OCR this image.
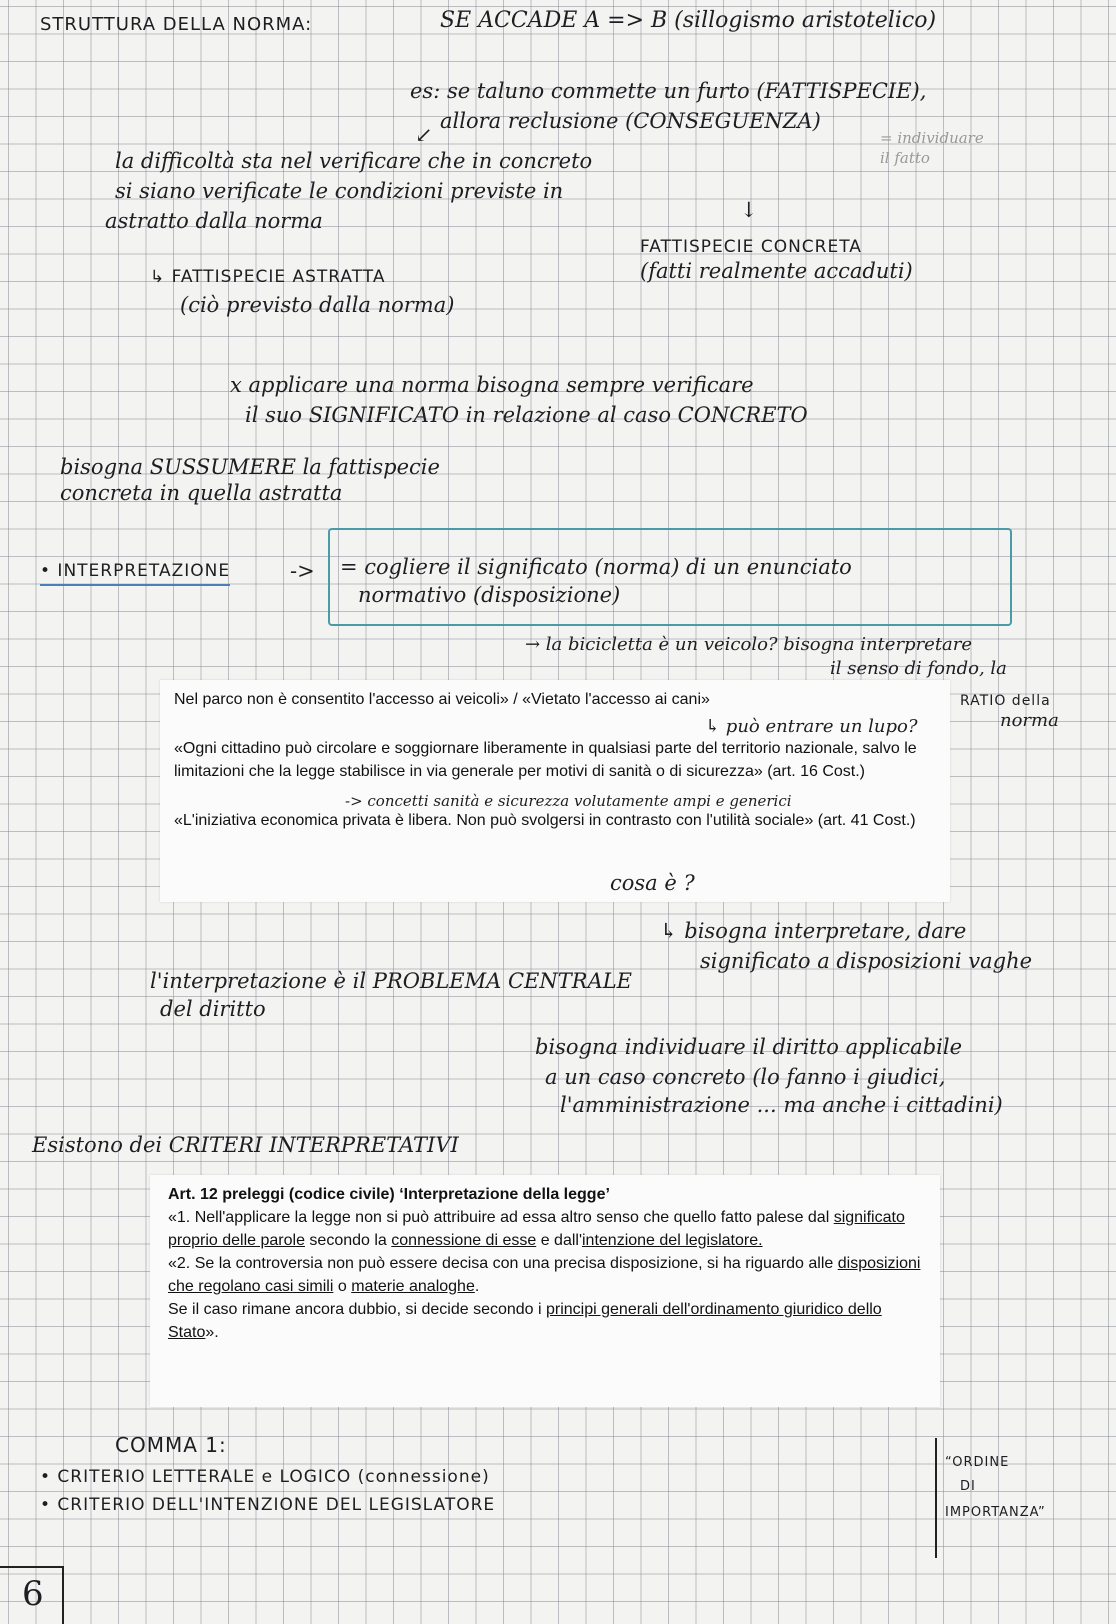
STRUTTURA DELLA NORMA:	SE ACCADE A => B (sillogismo aristotelico)
es: se taluno commette un furto (FATTISPECIE),
allora reclusione (CONSEGUENZA)
= individuare il fatto
↙
la difficoltà sta nel verificare che in concreto
si siano verificate le condizioni previste in
astratto dalla norma	↓
FATTISPECIE CONCRETA
(fatti realmente accaduti)
↳ FATTISPECIE ASTRATTA
(ciò previsto dalla norma)
x applicare una norma bisogna sempre verificare
il suo SIGNIFICATO in relazione al caso CONCRETO
bisogna SUSSUMERE la fattispecie
concreta in quella astratta
• INTERPRETAZIONE	-> = cogliere il significato (norma) di un enunciato
normativo (disposizione)
→ la bicicletta è un veicolo? bisogna interpretare
il senso di fondo, la
RATIO della
norma

Nel parco non è consentito l'accesso ai veicoli» / «Vietato l'accesso ai cani»

«Ogni cittadino può circolare e soggiornare liberamente in qualsiasi parte del territorio nazionale, salvo le limitazioni che la legge stabilisce in via generale per motivi di sanità o di sicurezza» (art. 16 Cost.)

«L'iniziativa economica privata è libera. Non può svolgersi in contrasto con l'utilità sociale» (art. 41 Cost.)

↳ può entrare un lupo?
-> concetti sanità e sicurezza volutamente ampi e generici
cosa è ?
↳ bisogna interpretare, dare
significato a disposizioni vaghe
l'interpretazione è il PROBLEMA CENTRALE
del diritto
bisogna individuare il diritto applicabile
a un caso concreto (lo fanno i giudici,
l'amministrazione ... ma anche i cittadini)
Esistono dei CRITERI INTERPRETATIVI

Art. 12 preleggi (codice civile) ‘Interpretazione della legge’

«1. Nell'applicare la legge non si può attribuire ad essa altro senso che quello fatto palese dal significato proprio delle parole secondo la connessione di esse e dall'intenzione del legislatore.

«2. Se la controversia non può essere decisa con una precisa disposizione, si ha riguardo alle disposizioni che regolano casi simili o materie analoghe.

Se il caso rimane ancora dubbio, si decide secondo i principi generali dell'ordinamento giuridico dello Stato».

COMMA 1:
• CRITERIO LETTERALE e LOGICO (connessione)
• CRITERIO DELL'INTENZIONE DEL LEGISLATORE
“ORDINE
DI
IMPORTANZA”
6
